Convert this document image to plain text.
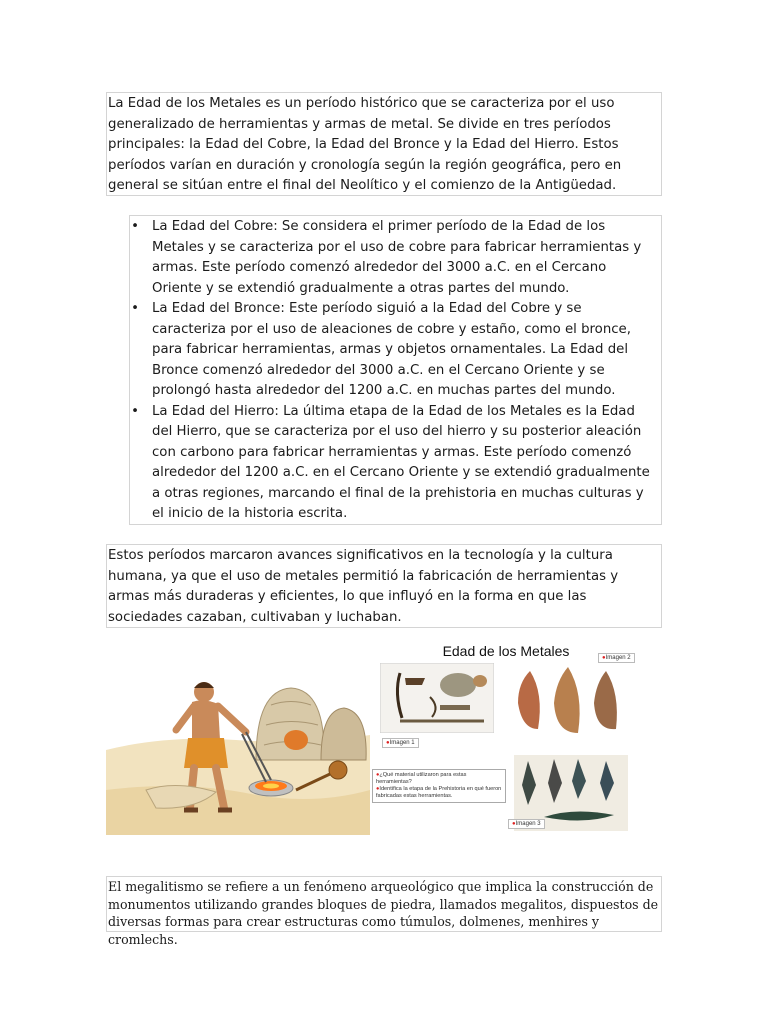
La Edad de los Metales es un período histórico que se caracteriza por el uso generalizado de herramientas y armas de metal. Se divide en tres períodos principales: la Edad del Cobre, la Edad del Bronce y la Edad del Hierro. Estos períodos varían en duración y cronología según la región geográfica, pero en general se sitúan entre el final del Neolítico y el comienzo de la Antigüedad.
• La Edad del Cobre: Se considera el primer período de la Edad de los Metales y se caracteriza por el uso de cobre para fabricar herramientas y armas. Este período comenzó alrededor del 3000 a.C. en el Cercano Oriente y se extendió gradualmente a otras partes del mundo.
• La Edad del Bronce: Este período siguió a la Edad del Cobre y se caracteriza por el uso de aleaciones de cobre y estaño, como el bronce, para fabricar herramientas, armas y objetos ornamentales. La Edad del Bronce comenzó alrededor del 3000 a.C. en el Cercano Oriente y se prolongó hasta alrededor del 1200 a.C. en muchas partes del mundo.
• La Edad del Hierro: La última etapa de la Edad de los Metales es la Edad del Hierro, que se caracteriza por el uso del hierro y su posterior aleación con carbono para fabricar herramientas y armas. Este período comenzó alrededor del 1200 a.C. en el Cercano Oriente y se extendió gradualmente a otras regiones, marcando el final de la prehistoria en muchas culturas y el inicio de la historia escrita.
Estos períodos marcaron avances significativos en la tecnología y la cultura humana, ya que el uso de metales permitió la fabricación de herramientas y armas más duraderas y eficientes, lo que influyó en la forma en que las sociedades cazaban, cultivaban y luchaban.
Edad de los Metales
●Imagen 1
●Imagen 2

●¿Qué material utilizaron para estas herramientas?

●Identifica la etapa de la Prehistoria en qué fueron fabricadas estas herramientas.

●Imagen 3
El megalitismo se refiere a un fenómeno arqueológico que implica la construcción de monumentos utilizando grandes bloques de piedra, llamados megalitos, dispuestos de diversas formas para crear estructuras como túmulos, dolmenes, menhires y cromlechs.
